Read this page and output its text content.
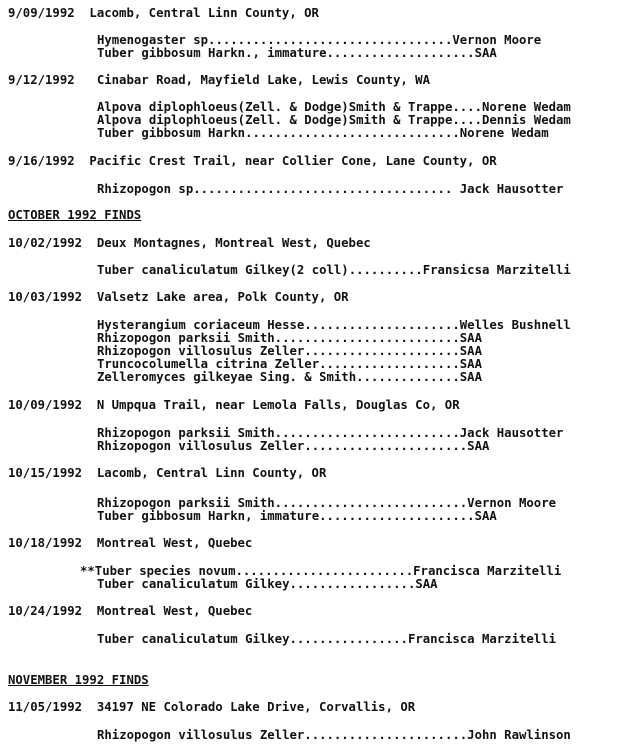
9/09/1992  Lacomb, Central Linn County, OR
Hymenogaster sp.................................Vernon Moore
Tuber gibbosum Harkn., immature....................SAA
9/12/1992   Cinabar Road, Mayfield Lake, Lewis County, WA
Alpova diplophloeus(Zell. & Dodge)Smith & Trappe....Norene Wedam
Alpova diplophloeus(Zell. & Dodge)Smith & Trappe....Dennis Wedam
Tuber gibbosum Harkn.............................Norene Wedam
9/16/1992  Pacific Crest Trail, near Collier Cone, Lane County, OR
Rhizopogon sp................................... Jack Hausotter
OCTOBER 1992 FINDS
10/02/1992  Deux Montagnes, Montreal West, Quebec
Tuber canaliculatum Gilkey(2 coll)..........Fransicsa Marzitelli
10/03/1992  Valsetz Lake area, Polk County, OR
Hysterangium coriaceum Hesse.....................Welles Bushnell
Rhizopogon parksii Smith.........................SAA
Rhizopogon villosulus Zeller.....................SAA
Truncocolumella citrina Zeller...................SAA
Zelleromyces gilkeyae Sing. & Smith..............SAA
10/09/1992  N Umpqua Trail, near Lemola Falls, Douglas Co, OR
Rhizopogon parksii Smith.........................Jack Hausotter
Rhizopogon villosulus Zeller......................SAA
10/15/1992  Lacomb, Central Linn County, OR
Rhizopogon parksii Smith..........................Vernon Moore
Tuber gibbosum Harkn, immature.....................SAA
10/18/1992  Montreal West, Quebec
**Tuber species novum........................Francisca Marzitelli
Tuber canaliculatum Gilkey.................SAA
10/24/1992  Montreal West, Quebec
Tuber canaliculatum Gilkey................Francisca Marzitelli
NOVEMBER 1992 FINDS
11/05/1992  34197 NE Colorado Lake Drive, Corvallis, OR
Rhizopogon villosulus Zeller......................John Rawlinson
